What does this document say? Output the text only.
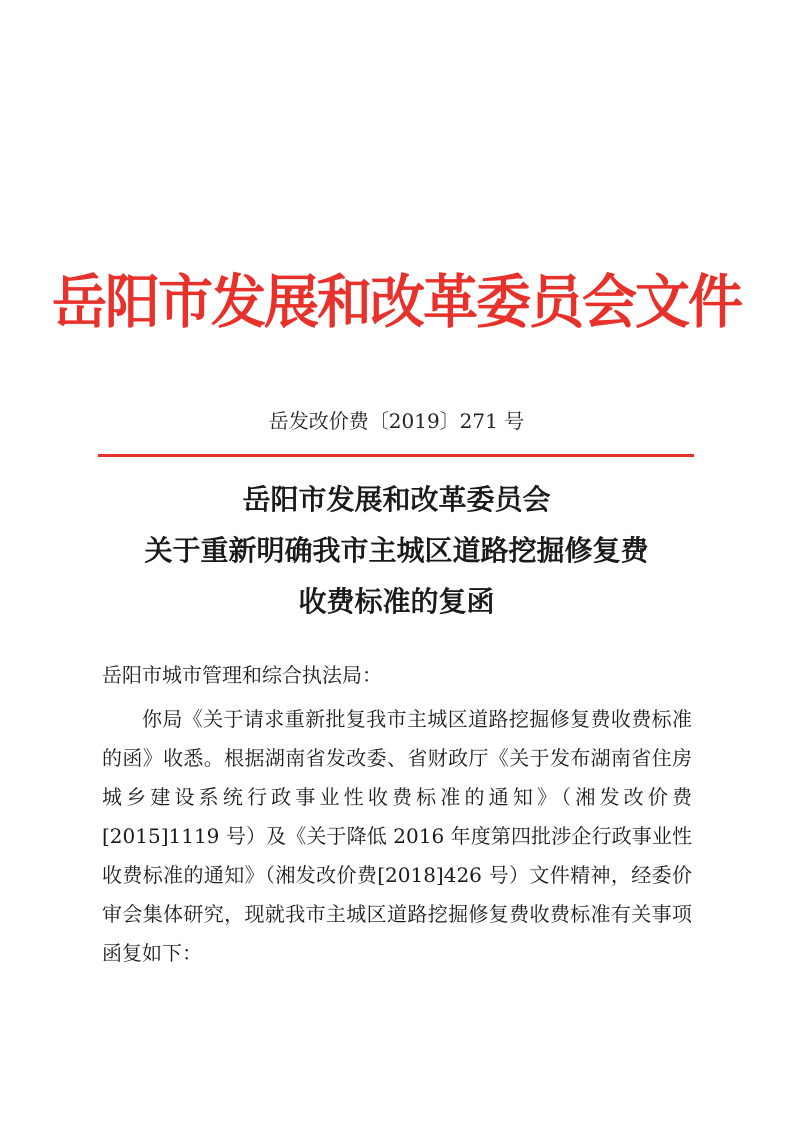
岳阳市发展和改革委员会文件
岳发改价费〔2019〕271 号
岳阳市发展和改革委员会
关于重新明确我市主城区道路挖掘修复费
收费标准的复函
岳阳市城市管理和综合执法局：

你局《关于请求重新批复我市主城区道路挖掘修复费收费标准的函》收悉。根据湖南省发改委、省财政厅《关于发布湖南省住房城乡建设系统行政事业性收费标准的通知》（湘发改价费[2015]1119 号）及《关于降低 2016 年度第四批涉企行政事业性收费标准的通知》（湘发改价费[2018]426 号）文件精神，经委价审会集体研究，现就我市主城区道路挖掘修复费收费标准有关事项函复如下：
